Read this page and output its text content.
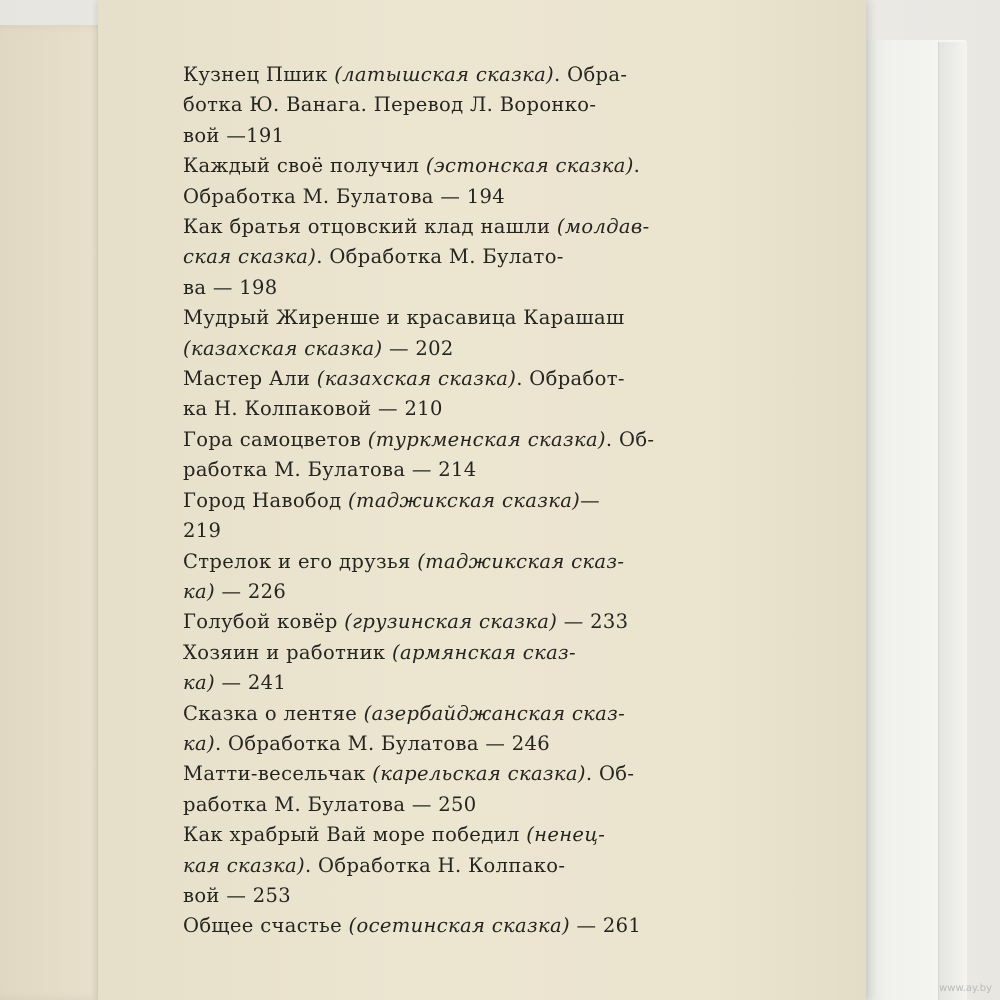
Кузнец Пшик (латышская сказка). Обра-
ботка Ю. Ванага. Перевод Л. Воронко-
вой —191
Каждый своё получил (эстонская сказка).
Обработка М. Булатова — 194
Как братья отцовский клад нашли (молдав-
ская сказка). Обработка М. Булато-
ва — 198
Мудрый Жиренше и красавица Карашаш
(казахская сказка) — 202
Мастер Али (казахская сказка). Обработ-
ка Н. Колпаковой — 210
Гора самоцветов (туркменская сказка). Об-
работка М. Булатова — 214
Город Навобод (таджикская сказка)—
219
Стрелок и его друзья (таджикская сказ-
ка) — 226
Голубой ковёр (грузинская сказка) — 233
Хозяин и работник (армянская сказ-
ка) — 241
Сказка о лентяе (азербайджанская сказ-
ка). Обработка М. Булатова — 246
Матти-весельчак (карельская сказка). Об-
работка М. Булатова — 250
Как храбрый Вай море победил (ненец-
кая сказка). Обработка Н. Колпако-
вой — 253
Общее счастье (осетинская сказка) — 261
www.ay.by
